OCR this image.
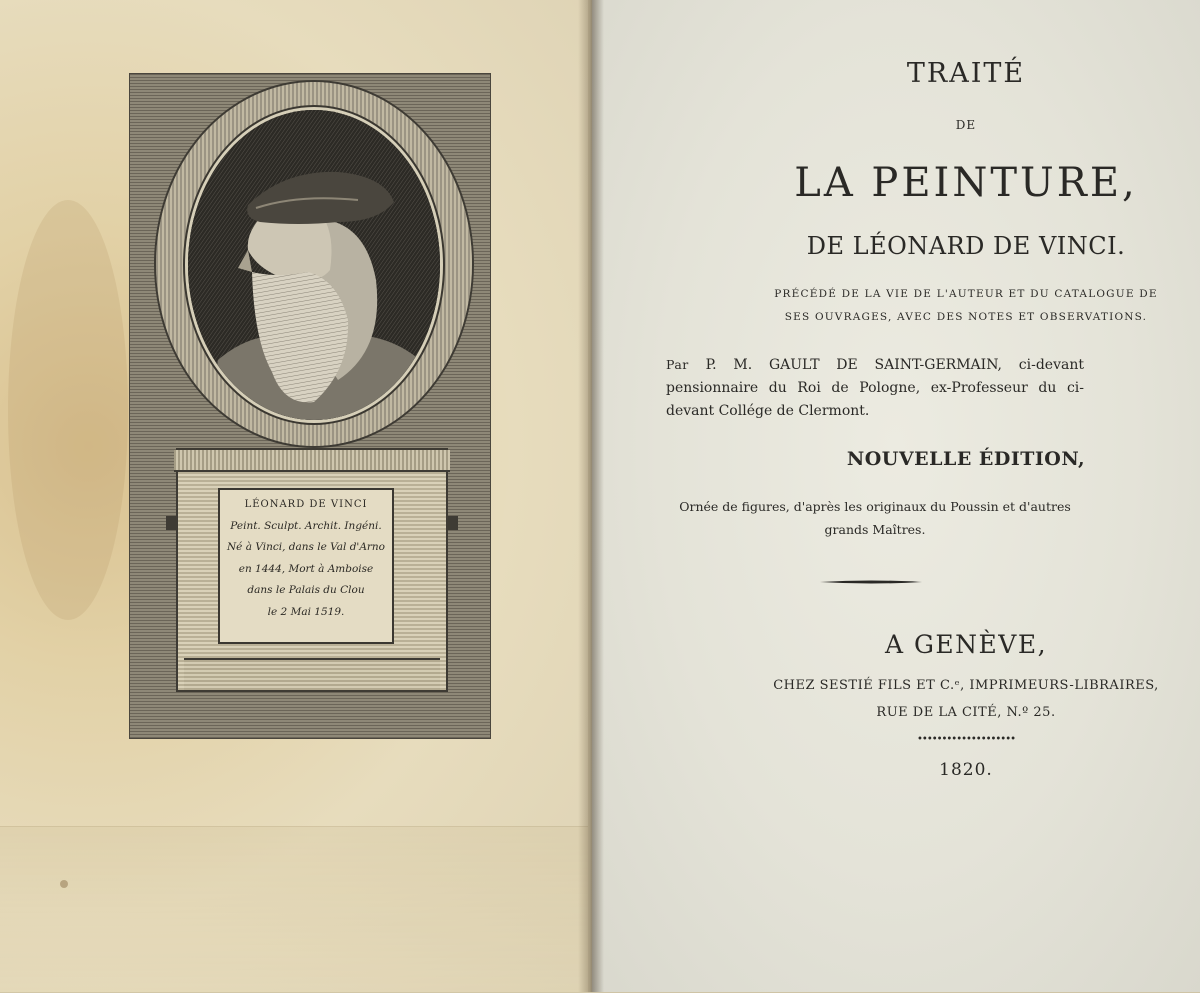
LÉONARD DE VINCI
Peint. Sculpt. Archit. Ingéni.
Né à Vinci, dans le Val d'Arno
en 1444, Mort à Amboise
dans le Palais du Clou
le 2 Mai 1519.

TRAITÉ

DE

LA PEINTURE,

DE LÉONARD DE VINCI.

PRÉCÉDÉ DE LA VIE DE L'AUTEUR ET DU CATALOGUE DE

SES OUVRAGES, AVEC DES NOTES ET OBSERVATIONS.

Par P. M. GAULT DE SAINT-GERMAIN, ci-devant pensionnaire du Roi de Pologne, ex-Professeur du ci-devant Collége de Clermont.

NOUVELLE ÉDITION,

Ornée de figures, d'après les originaux du Poussin et d'autres grands Maîtres.

A GENÈVE,

CHEZ SESTIÉ FILS ET C.ᵉ, IMPRIMEURS-LIBRAIRES,

RUE DE LA CITÉ, N.º 25.

••••••••••••••••••••

1820.
